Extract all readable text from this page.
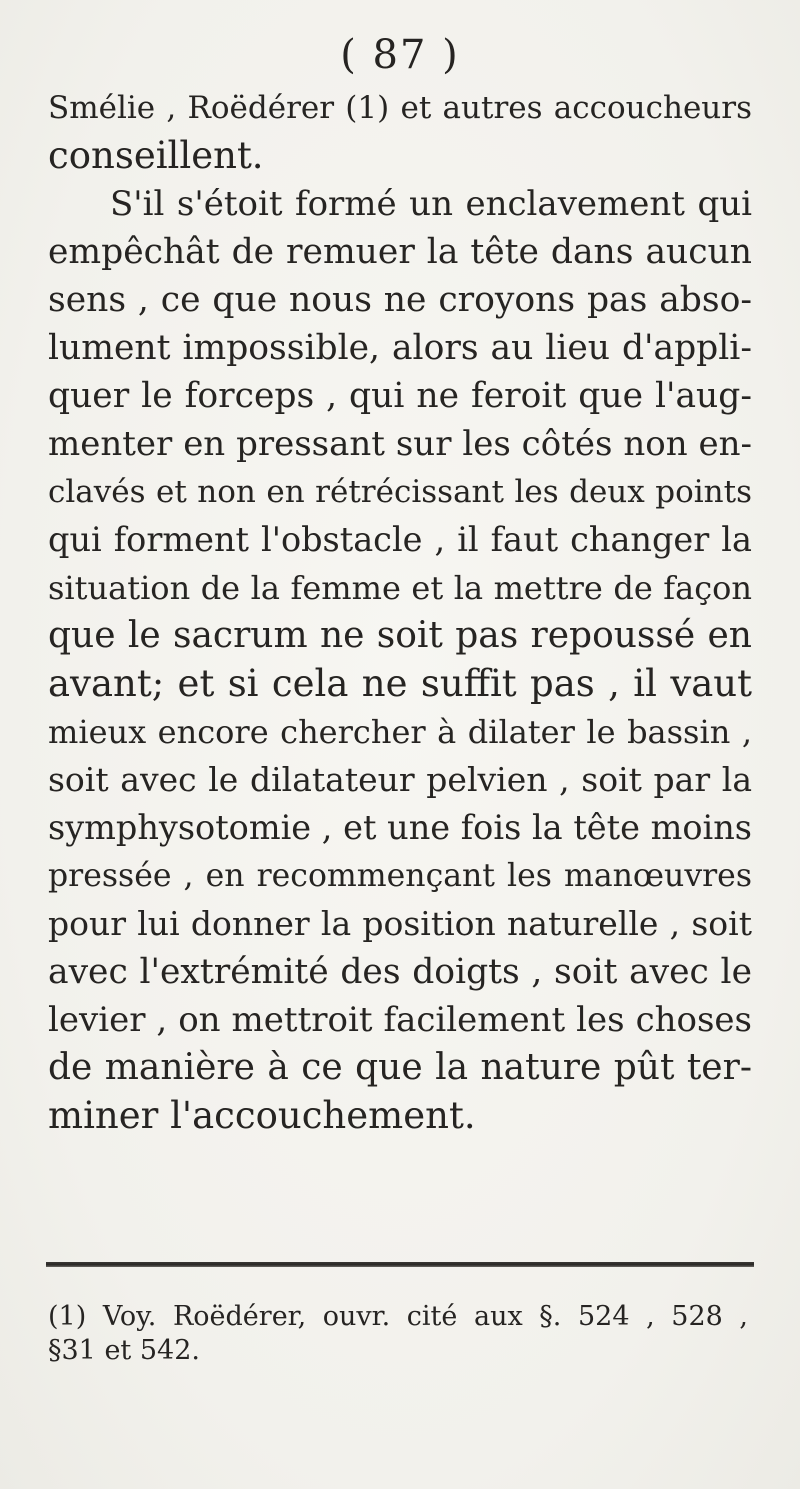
( 87 )
Smélie , Roëdérer (1) et autres accoucheurs
conseillent.
S'il s'étoit formé un enclavement qui
empêchât de remuer la tête dans aucun
sens , ce que nous ne croyons pas abso-
lument impossible, alors au lieu d'appli-
quer le forceps , qui ne feroit que l'aug-
menter en pressant sur les côtés non en-
clavés et non en rétrécissant les deux points
qui forment l'obstacle , il faut changer la
situation de la femme et la mettre de façon
que le sacrum ne soit pas repoussé en
avant; et si cela ne suffit pas , il vaut
mieux encore chercher à dilater le bassin ,
soit avec le dilatateur pelvien , soit par la
symphysotomie , et une fois la tête moins
pressée , en recommençant les manœuvres
pour lui donner la position naturelle , soit
avec l'extrémité des doigts , soit avec le
levier , on mettroit facilement les choses
de manière à ce que la nature pût ter-
miner l'accouchement.
(1) Voy. Roëdérer, ouvr. cité aux §. 524 , 528 ,
§31 et 542.
